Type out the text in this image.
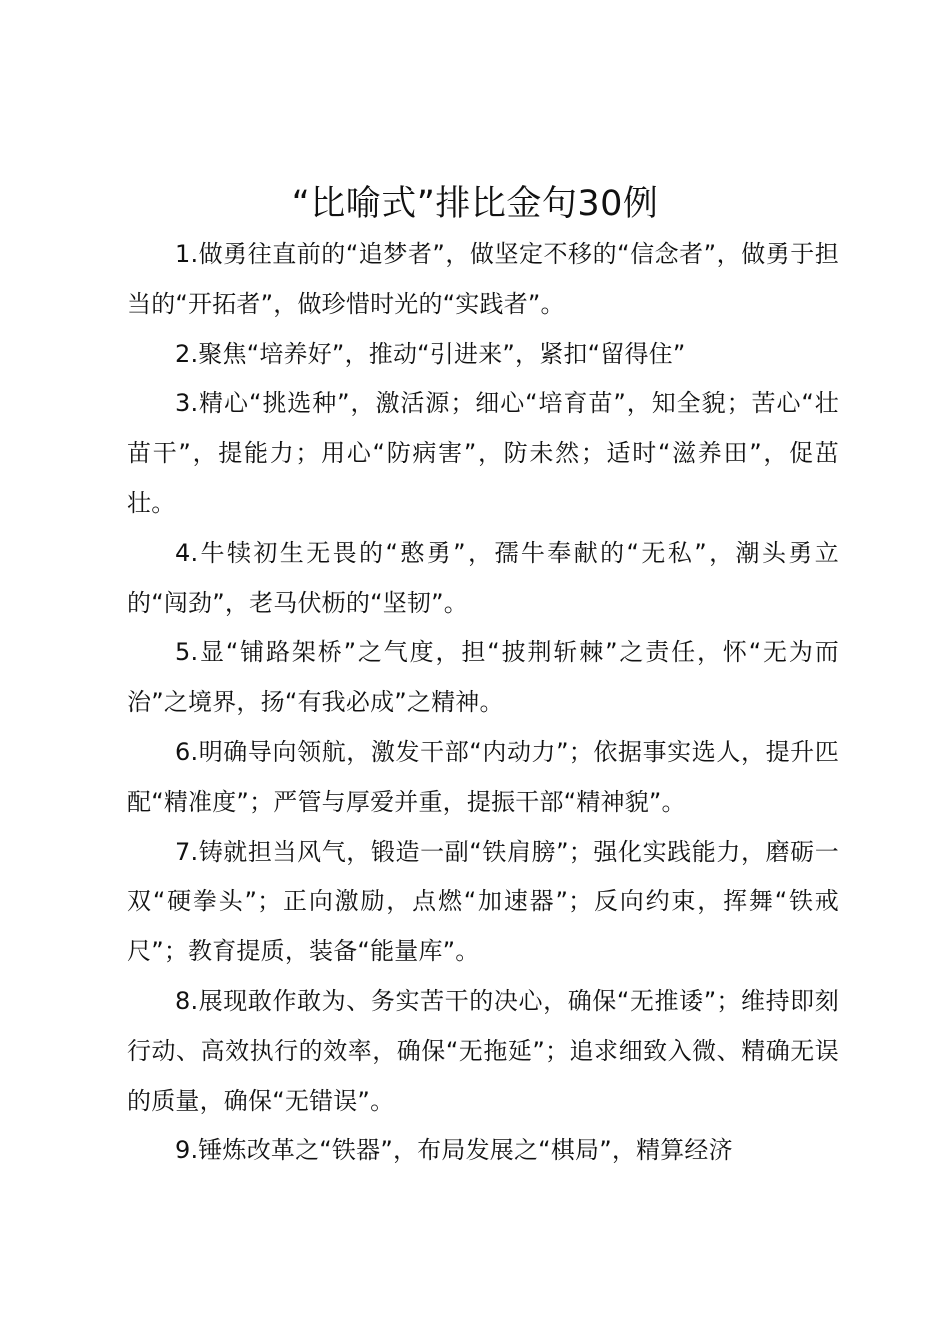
“比喻式”排比金句30例

1.做勇往直前的“追梦者”，做坚定不移的“信念者”，做勇于担当的“开拓者”，做珍惜时光的“实践者”。

2.聚焦“培养好”，推动“引进来”，紧扣“留得住”

3.精心“挑选种”，激活源；细心“培育苗”，知全貌；苦心“壮苗干”，提能力；用心“防病害”，防未然；适时“滋养田”，促茁壮。

4.牛犊初生无畏的“憨勇”，孺牛奉献的“无私”，潮头勇立的“闯劲”，老马伏枥的“坚韧”。

5.显“铺路架桥”之气度，担“披荆斩棘”之责任，怀“无为而治”之境界，扬“有我必成”之精神。

6.明确导向领航，激发干部“内动力”；依据事实选人，提升匹配“精准度”；严管与厚爱并重，提振干部“精神貌”。

7.铸就担当风气，锻造一副“铁肩膀”；强化实践能力，磨砺一双“硬拳头”；正向激励，点燃“加速器”；反向约束，挥舞“铁戒尺”；教育提质，装备“能量库”。

8.展现敢作敢为、务实苦干的决心，确保“无推诿”；维持即刻行动、高效执行的效率，确保“无拖延”；追求细致入微、精确无误的质量，确保“无错误”。

9.锤炼改革之“铁器”，布局发展之“棋局”，精算经济
